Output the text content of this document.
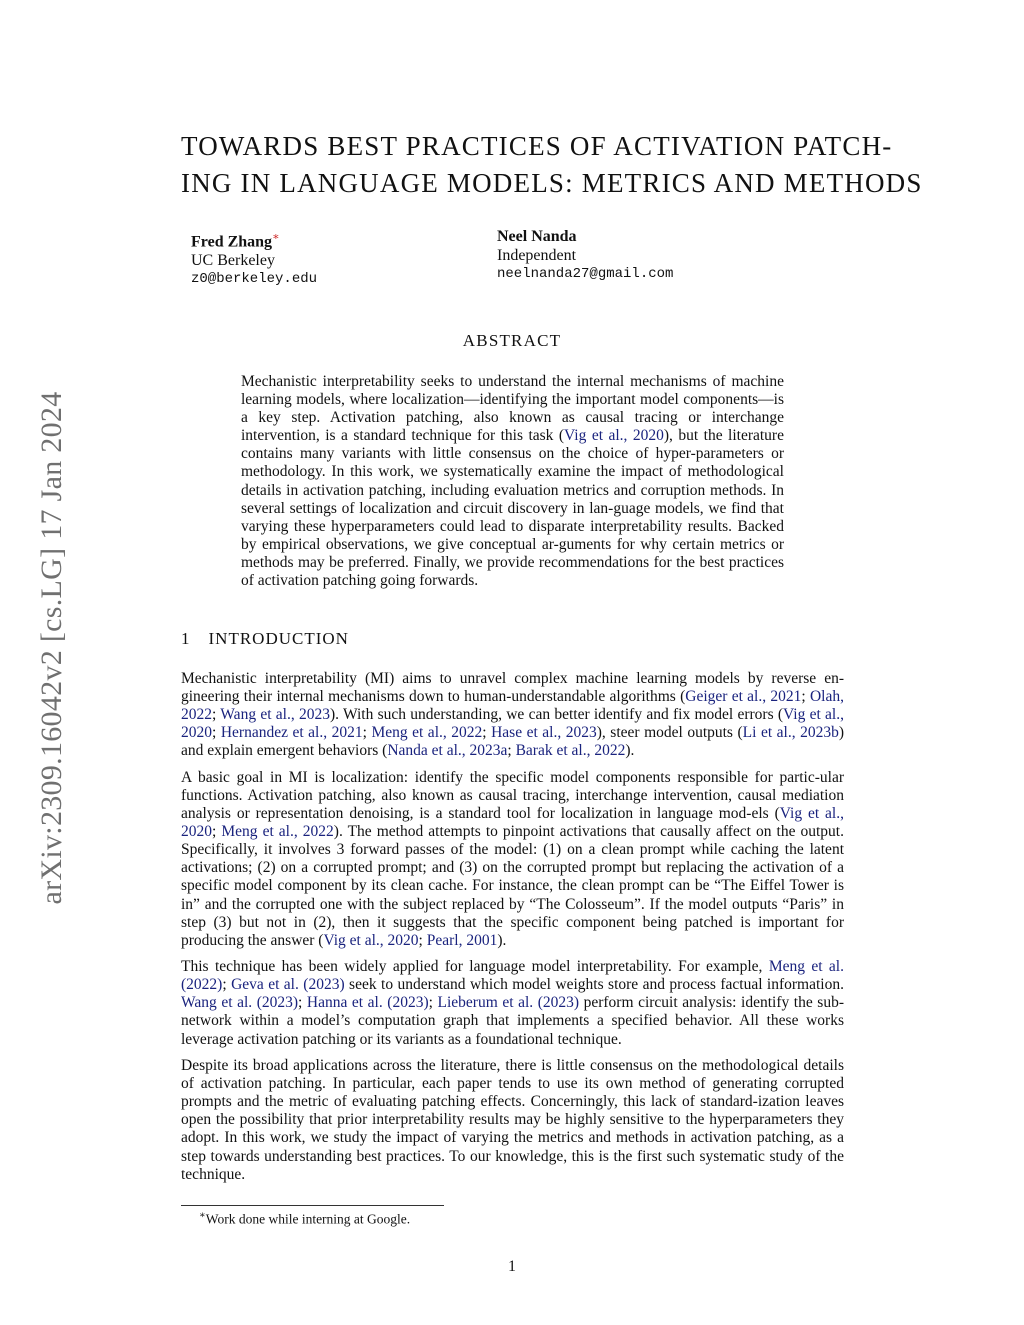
arXiv:2309.16042v2 [cs.LG] 17 Jan 2024
TOWARDS BEST PRACTICES OF ACTIVATION PATCH-
ING IN LANGUAGE MODELS: METRICS AND METHODS
Fred Zhang∗
UC Berkeley
z0@berkeley.edu
Neel Nanda
Independent
neelnanda27@gmail.com
ABSTRACT

Mechanistic interpretability seeks to understand the internal mechanisms of machine learning models, where localization—identifying the important model components—is a key step. Activation patching, also known as causal tracing or interchange intervention, is a standard technique for this task (Vig et al., 2020), but the literature contains many variants with little consensus on the choice of hyper-parameters or methodology. In this work, we systematically examine the impact of methodological details in activation patching, including evaluation metrics and corruption methods. In several settings of localization and circuit discovery in lan-guage models, we find that varying these hyperparameters could lead to disparate interpretability results. Backed by empirical observations, we give conceptual ar-guments for why certain metrics or methods may be preferred. Finally, we provide recommendations for the best practices of activation patching going forwards.

1 INTRODUCTION

Mechanistic interpretability (MI) aims to unravel complex machine learning models by reverse en-gineering their internal mechanisms down to human-understandable algorithms (Geiger et al., 2021; Olah, 2022; Wang et al., 2023). With such understanding, we can better identify and fix model errors (Vig et al., 2020; Hernandez et al., 2021; Meng et al., 2022; Hase et al., 2023), steer model outputs (Li et al., 2023b) and explain emergent behaviors (Nanda et al., 2023a; Barak et al., 2022).

A basic goal in MI is localization: identify the specific model components responsible for partic-ular functions. Activation patching, also known as causal tracing, interchange intervention, causal mediation analysis or representation denoising, is a standard tool for localization in language mod-els (Vig et al., 2020; Meng et al., 2022). The method attempts to pinpoint activations that causally affect on the output. Specifically, it involves 3 forward passes of the model: (1) on a clean prompt while caching the latent activations; (2) on a corrupted prompt; and (3) on the corrupted prompt but replacing the activation of a specific model component by its clean cache. For instance, the clean prompt can be “The Eiffel Tower is in” and the corrupted one with the subject replaced by “The Colosseum”. If the model outputs “Paris” in step (3) but not in (2), then it suggests that the specific component being patched is important for producing the answer (Vig et al., 2020; Pearl, 2001).

This technique has been widely applied for language model interpretability. For example, Meng et al. (2022); Geva et al. (2023) seek to understand which model weights store and process factual information. Wang et al. (2023); Hanna et al. (2023); Lieberum et al. (2023) perform circuit analysis: identify the sub-network within a model’s computation graph that implements a specified behavior. All these works leverage activation patching or its variants as a foundational technique.

Despite its broad applications across the literature, there is little consensus on the methodological details of activation patching. In particular, each paper tends to use its own method of generating corrupted prompts and the metric of evaluating patching effects. Concerningly, this lack of standard-ization leaves open the possibility that prior interpretability results may be highly sensitive to the hyperparameters they adopt. In this work, we study the impact of varying the metrics and methods in activation patching, as a step towards understanding best practices. To our knowledge, this is the first such systematic study of the technique.

∗Work done while interning at Google.
1
